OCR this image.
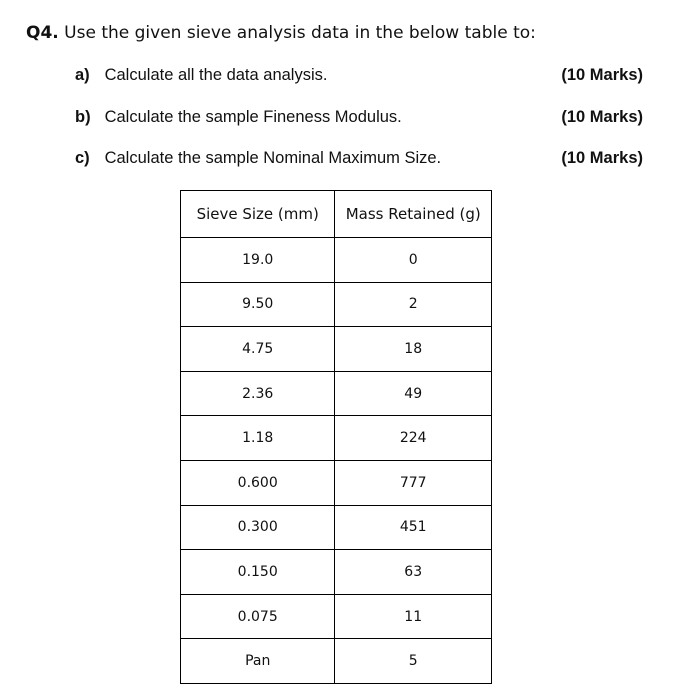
Q4. Use the given sieve analysis data in the below table to:
a) Calculate all the data analysis.	(10 Marks)
b) Calculate the sample Fineness Modulus.	(10 Marks)
c) Calculate the sample Nominal Maximum Size.	(10 Marks)
Sieve Size (mm)	Mass Retained (g)
19.0	0
9.50	2
4.75	18
2.36	49
1.18	224
0.600	777
0.300	451
0.150	63
0.075	11
Pan	5
